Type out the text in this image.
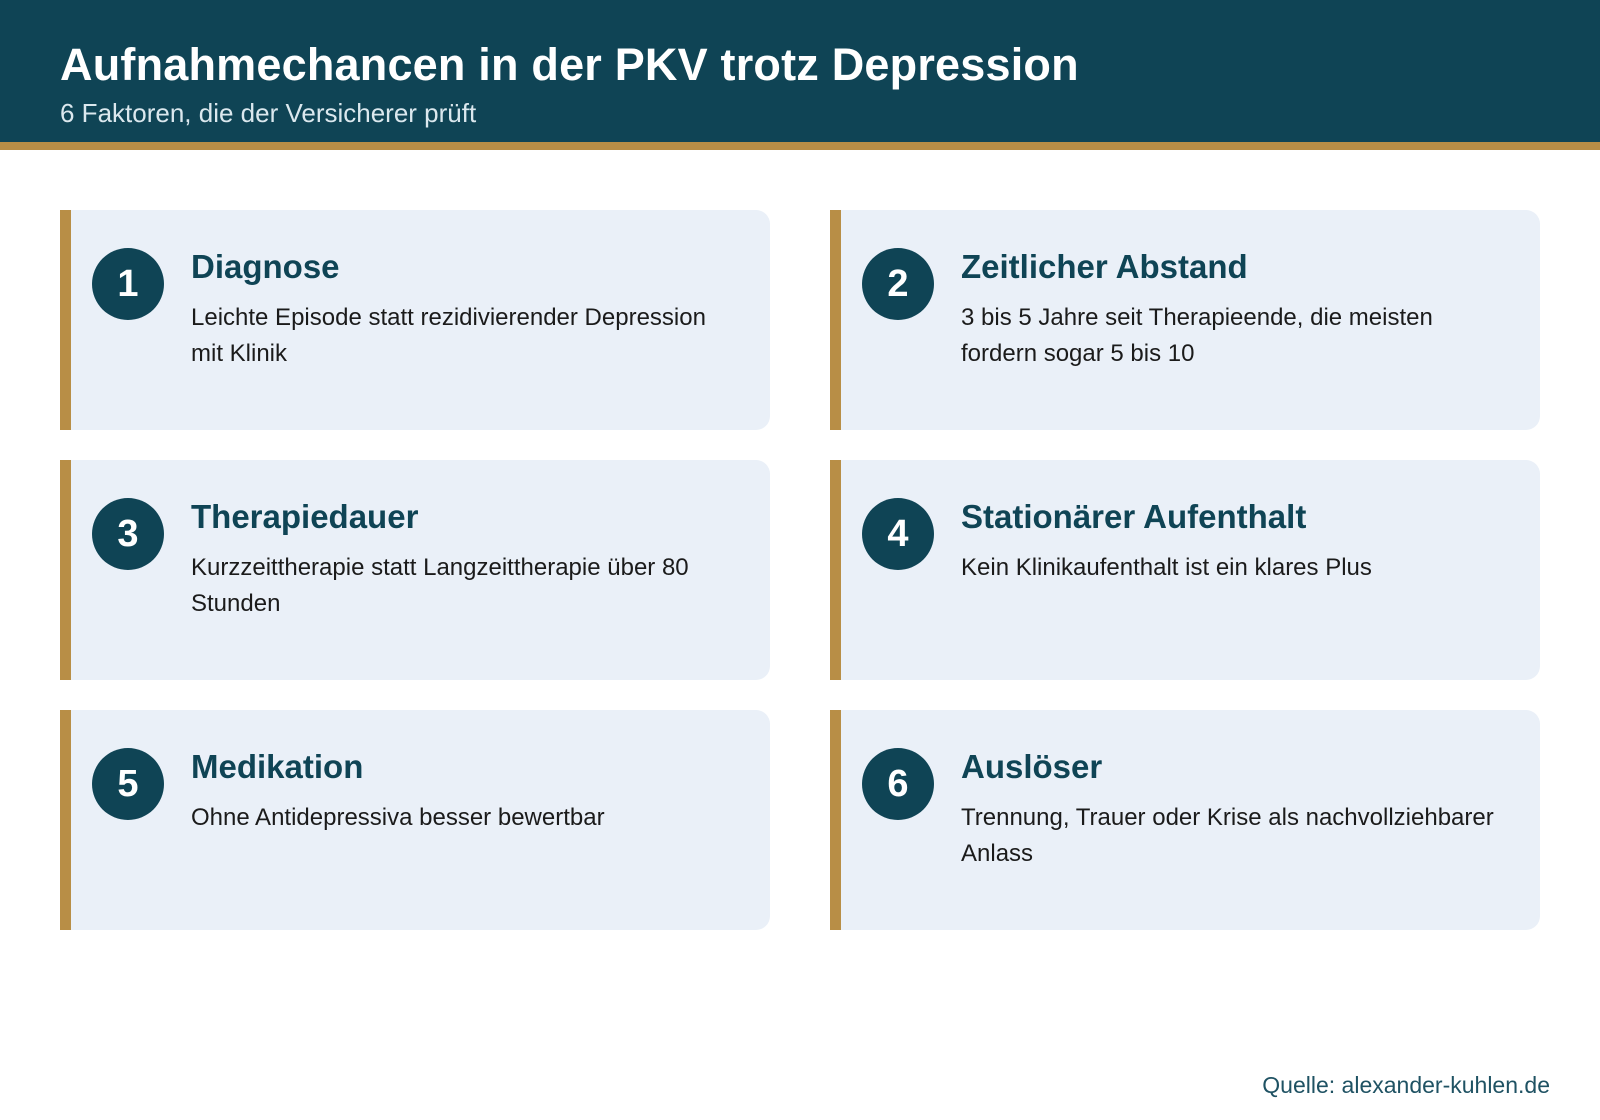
Aufnahmechancen in der PKV trotz Depression
6 Faktoren, die der Versicherer prüft
1	Diagnose
Leichte Episode statt rezidivierender Depression mit Klinik
2	Zeitlicher Abstand
3 bis 5 Jahre seit Therapieende, die meisten fordern sogar 5 bis 10
3	Therapiedauer
Kurzzeittherapie statt Langzeittherapie über 80 Stunden
4	Stationärer Aufenthalt
Kein Klinikaufenthalt ist ein klares Plus
5	Medikation
Ohne Antidepressiva besser bewertbar
6	Auslöser
Trennung, Trauer oder Krise als nachvollziehbarer Anlass
Quelle: alexander-kuhlen.de
